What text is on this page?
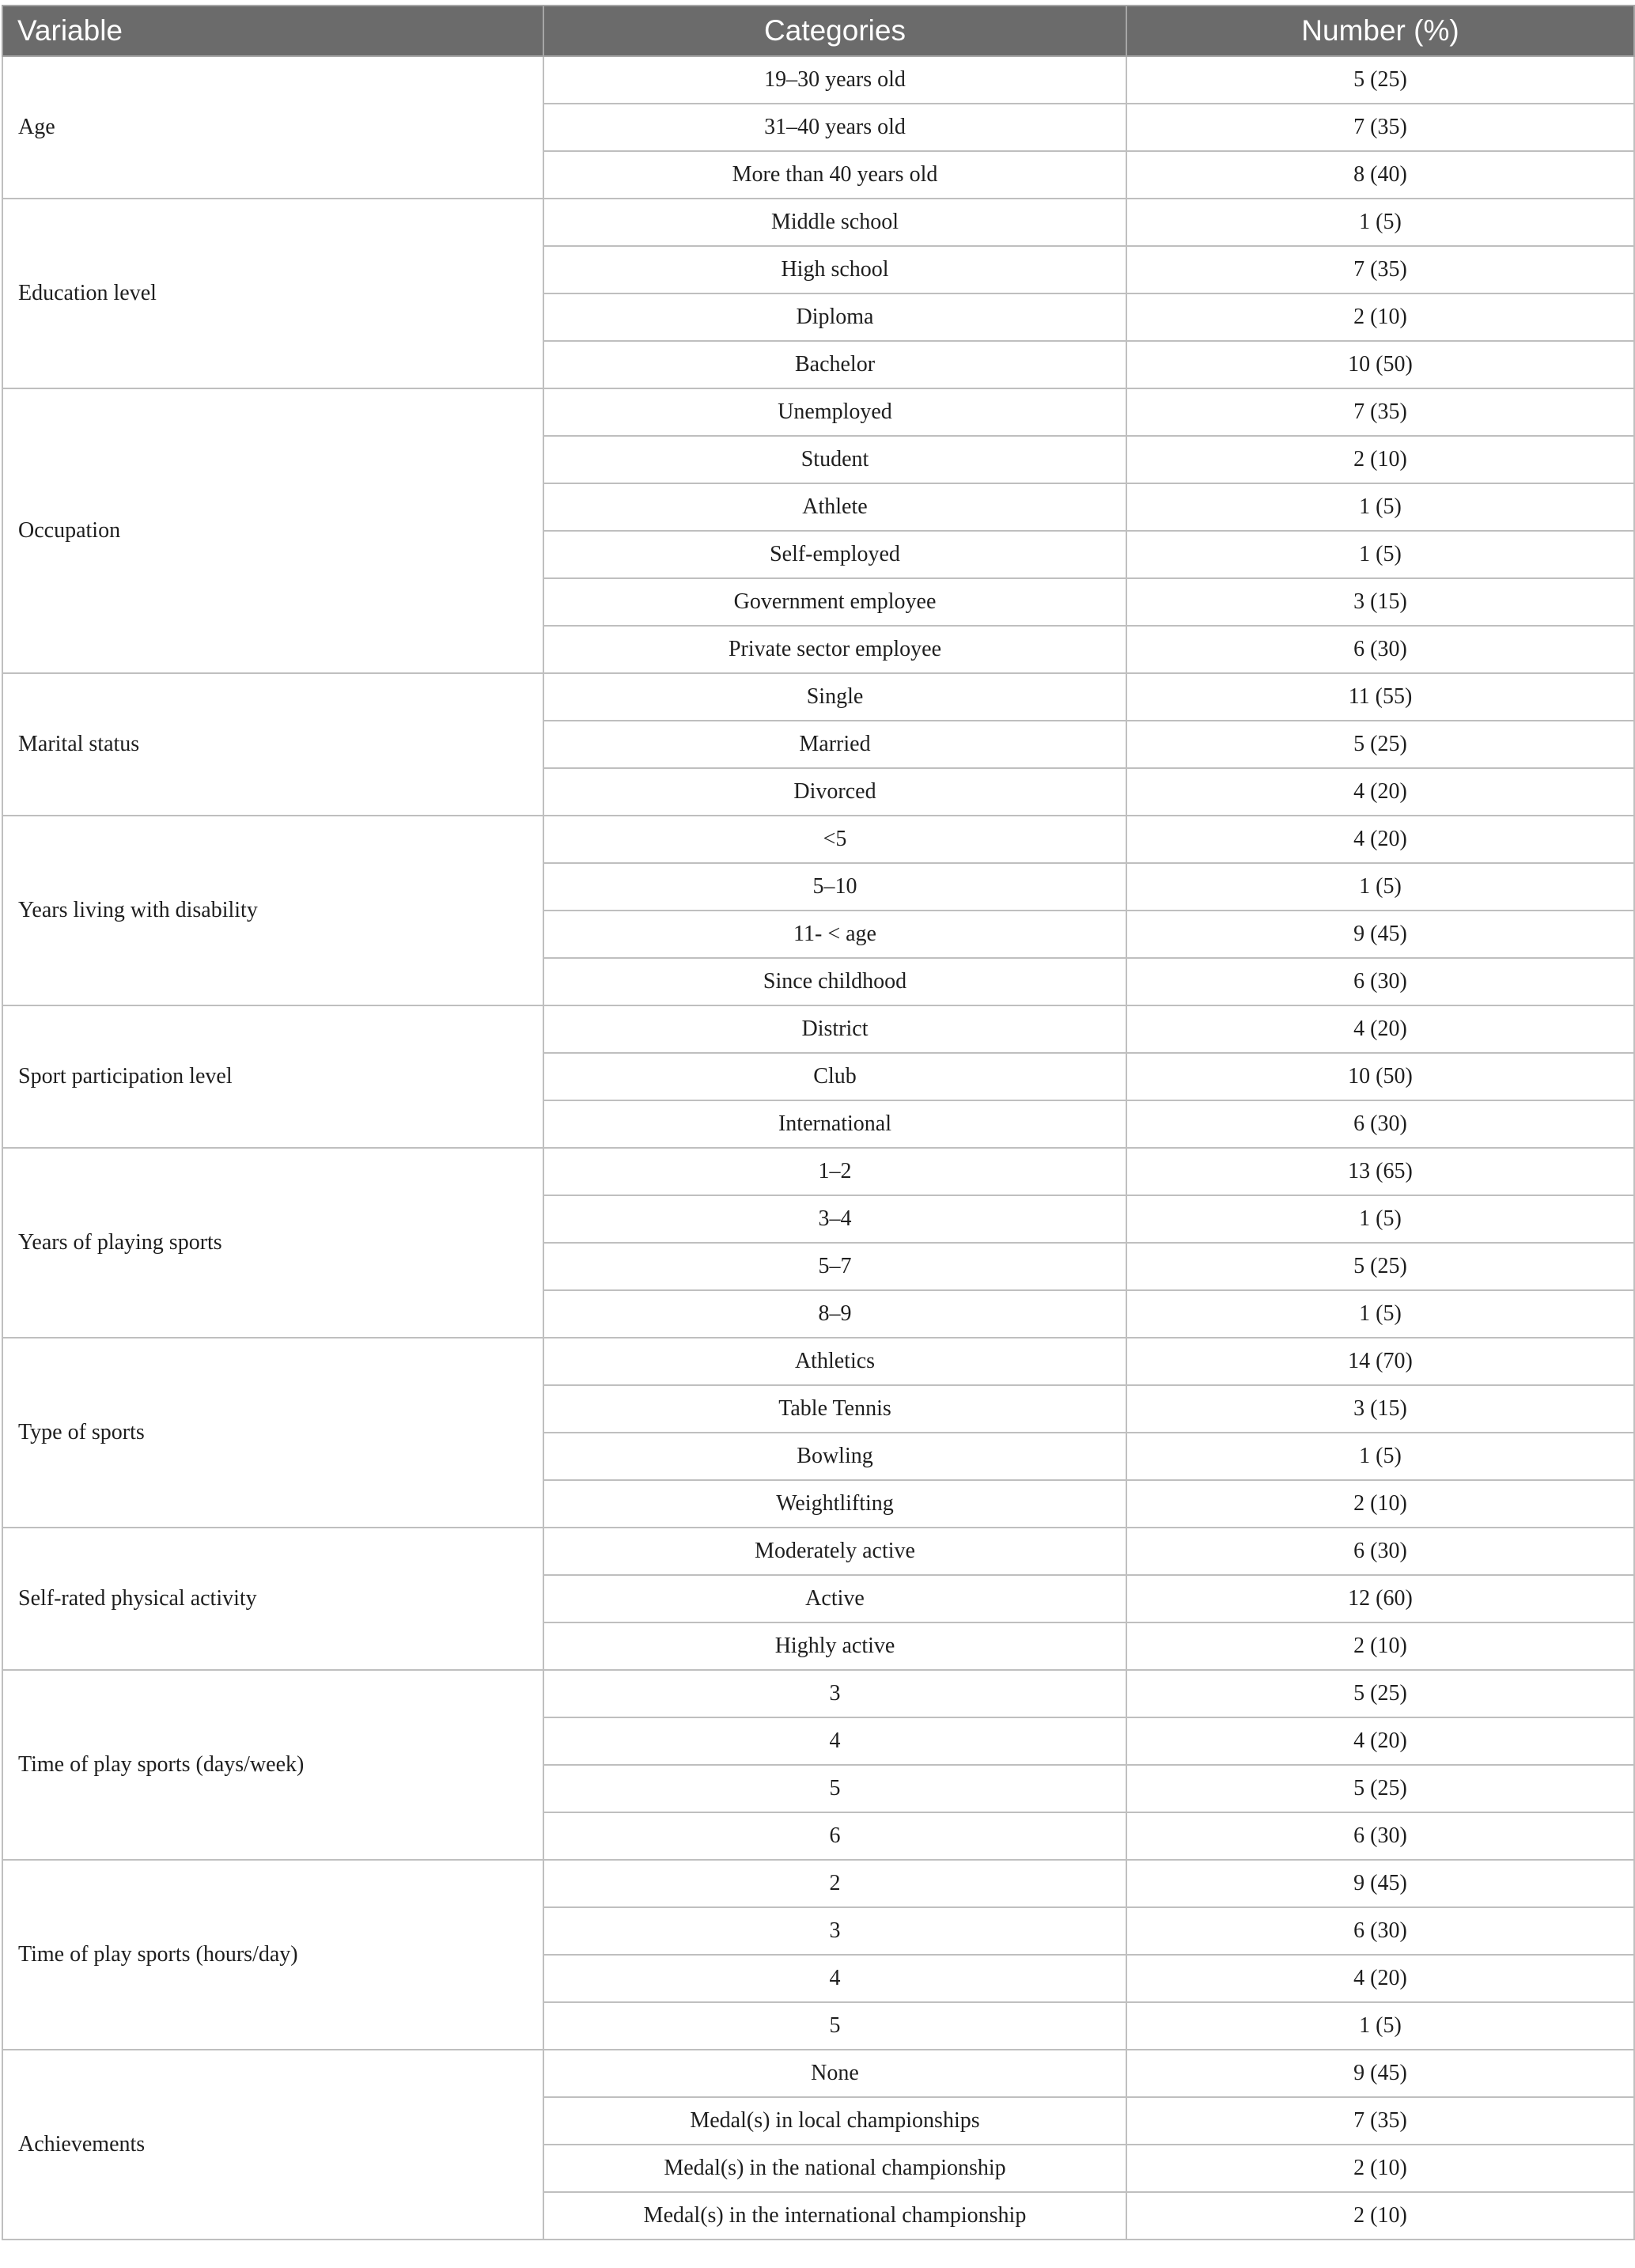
Variable	Categories	Number (%)
Age	19–30 years old	5 (25)
	31–40 years old	7 (35)
	More than 40 years old	8 (40)
Education level	Middle school	1 (5)
	High school	7 (35)
	Diploma	2 (10)
	Bachelor	10 (50)
Occupation	Unemployed	7 (35)
	Student	2 (10)
	Athlete	1 (5)
	Self-employed	1 (5)
	Government employee	3 (15)
	Private sector employee	6 (30)
Marital status	Single	11 (55)
	Married	5 (25)
	Divorced	4 (20)
Years living with disability	<5	4 (20)
	5–10	1 (5)
	11- < age	9 (45)
	Since childhood	6 (30)
Sport participation level	District	4 (20)
	Club	10 (50)
	International	6 (30)
Years of playing sports	1–2	13 (65)
	3–4	1 (5)
	5–7	5 (25)
	8–9	1 (5)
Type of sports	Athletics	14 (70)
	Table Tennis	3 (15)
	Bowling	1 (5)
	Weightlifting	2 (10)
Self-rated physical activity	Moderately active	6 (30)
	Active	12 (60)
	Highly active	2 (10)
Time of play sports (days/week)	3	5 (25)
	4	4 (20)
	5	5 (25)
	6	6 (30)
Time of play sports (hours/day)	2	9 (45)
	3	6 (30)
	4	4 (20)
	5	1 (5)
Achievements	None	9 (45)
	Medal(s) in local championships	7 (35)
	Medal(s) in the national championship	2 (10)
	Medal(s) in the international championship	2 (10)
